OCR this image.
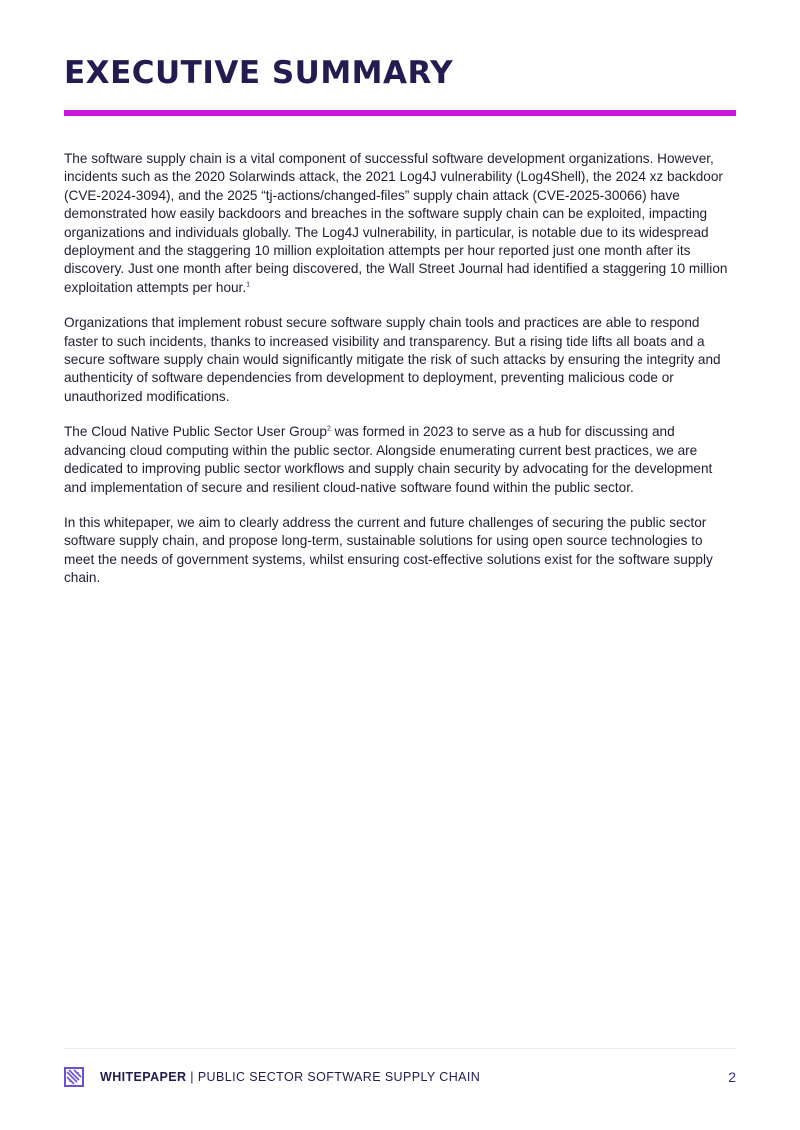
EXECUTIVE SUMMARY

The software supply chain is a vital component of successful software development organizations. However, incidents such as the 2020 Solarwinds attack, the 2021 Log4J vulnerability (Log4Shell), the 2024 xz backdoor (CVE-2024-3094), and the 2025 “tj-actions/changed-files” supply chain attack (CVE-2025-30066) have demonstrated how easily backdoors and breaches in the software supply chain can be exploited, impacting organizations and individuals globally. The Log4J vulnerability, in particular, is notable due to its widespread deployment and the staggering 10 million exploitation attempts per hour reported just one month after its discovery. Just one month after being discovered, the Wall Street Journal had identified a staggering 10 million exploitation attempts per hour.$^1$

Organizations that implement robust secure software supply chain tools and practices are able to respond faster to such incidents, thanks to increased visibility and transparency. But a rising tide lifts all boats and a secure software supply chain would significantly mitigate the risk of such attacks by ensuring the integrity and authenticity of software dependencies from development to deployment, preventing malicious code or unauthorized modifications.

The Cloud Native Public Sector User Group$^2$ was formed in 2023 to serve as a hub for discussing and advancing cloud computing within the public sector. Alongside enumerating current best practices, we are dedicated to improving public sector workflows and supply chain security by advocating for the development and implementation of secure and resilient cloud-native software found within the public sector.

In this whitepaper, we aim to clearly address the current and future challenges of securing the public sector software supply chain, and propose long-term, sustainable solutions for using open source technologies to meet the needs of government systems, whilst ensuring cost-effective solutions exist for the software supply chain.

WHITEPAPER | PUBLIC SECTOR SOFTWARE SUPPLY CHAIN	2
